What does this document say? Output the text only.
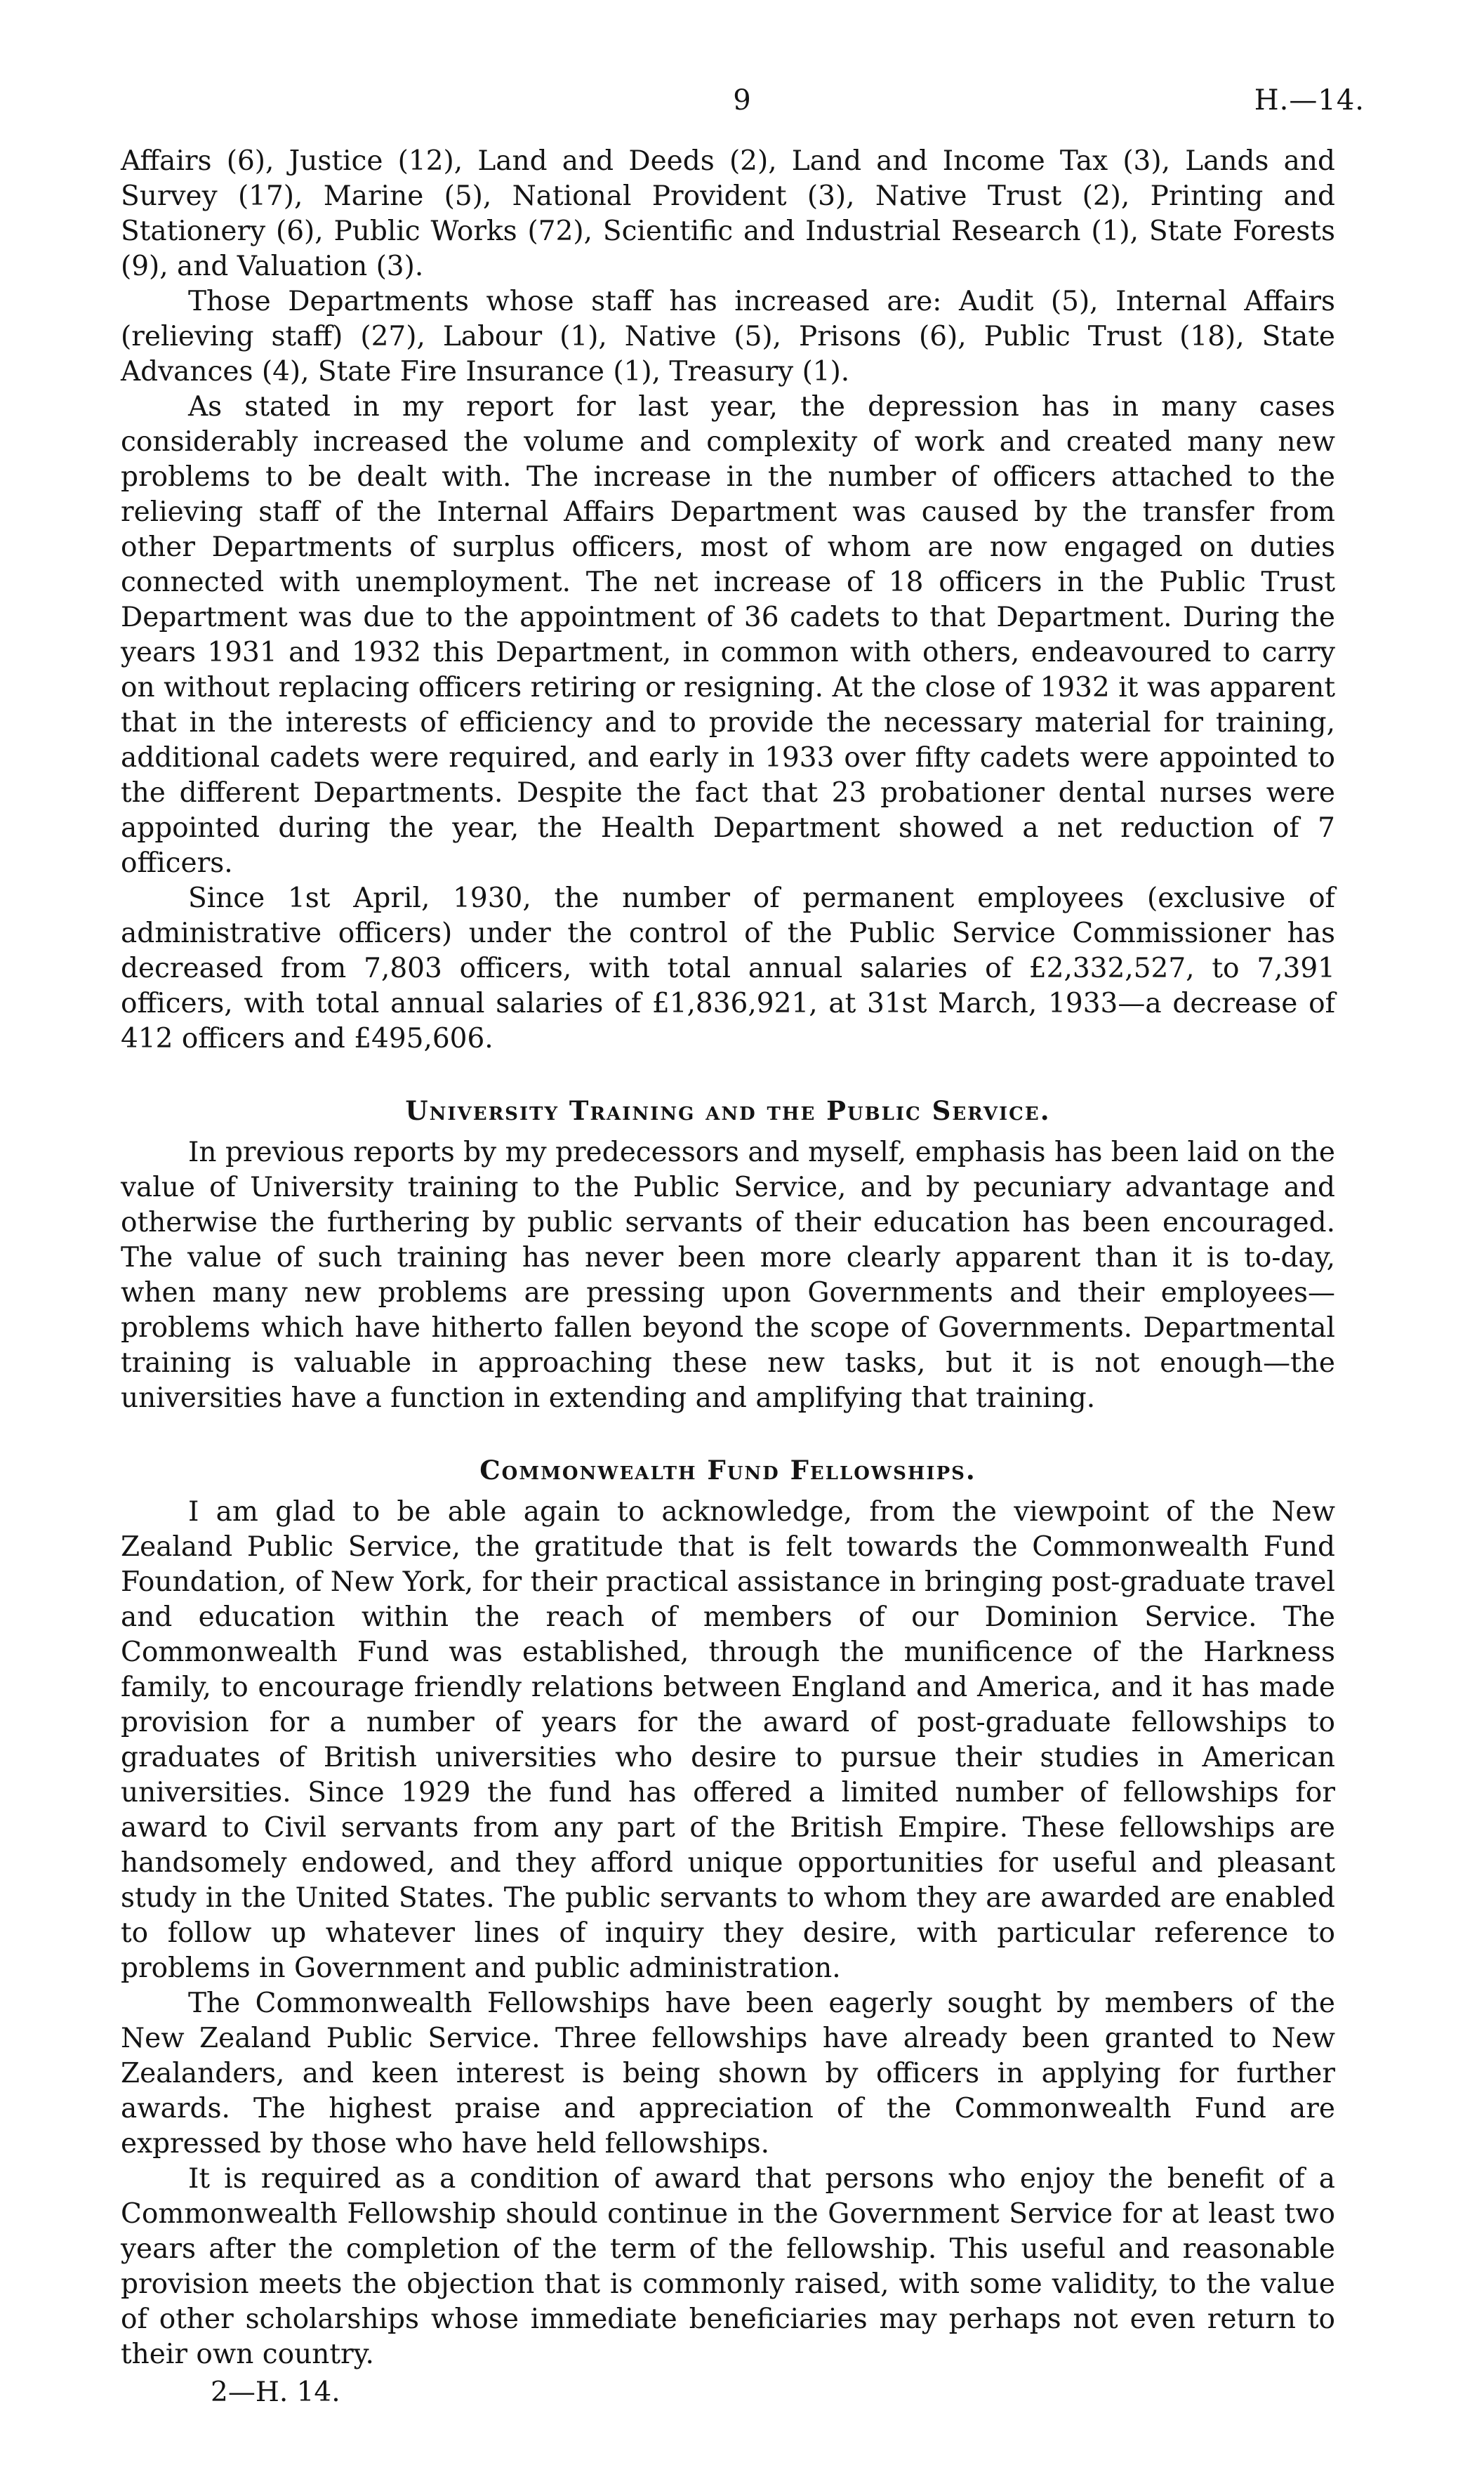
9	H.—14.

Affairs (6), Justice (12), Land and Deeds (2), Land and Income Tax (3), Lands and Survey (17), Marine (5), National Provident (3), Native Trust (2), Printing and Stationery (6), Public Works (72), Scientific and Industrial Research (1), State Forests (9), and Valuation (3).

Those Departments whose staff has increased are: Audit (5), Internal Affairs (relieving staff) (27), Labour (1), Native (5), Prisons (6), Public Trust (18), State Advances (4), State Fire Insurance (1), Treasury (1).

As stated in my report for last year, the depression has in many cases considerably increased the volume and complexity of work and created many new problems to be dealt with. The increase in the number of officers attached to the relieving staff of the Internal Affairs Department was caused by the transfer from other Departments of surplus officers, most of whom are now engaged on duties connected with unemployment. The net increase of 18 officers in the Public Trust Department was due to the appointment of 36 cadets to that Department. During the years 1931 and 1932 this Department, in common with others, endeavoured to carry on without replacing officers retiring or resigning. At the close of 1932 it was apparent that in the interests of efficiency and to provide the necessary material for training, additional cadets were required, and early in 1933 over fifty cadets were appointed to the different Departments. Despite the fact that 23 probationer dental nurses were appointed during the year, the Health Department showed a net reduction of 7 officers.

Since 1st April, 1930, the number of permanent employees (exclusive of administrative officers) under the control of the Public Service Commissioner has decreased from 7,803 officers, with total annual salaries of £2,332,527, to 7,391 officers, with total annual salaries of £1,836,921, at 31st March, 1933—a decrease of 412 officers and £495,606.

University Training and the Public Service.

In previous reports by my predecessors and myself, emphasis has been laid on the value of University training to the Public Service, and by pecuniary advantage and otherwise the furthering by public servants of their education has been encouraged. The value of such training has never been more clearly apparent than it is to-day, when many new problems are pressing upon Governments and their employees—problems which have hitherto fallen beyond the scope of Governments. Departmental training is valuable in approaching these new tasks, but it is not enough—the universities have a function in extending and amplifying that training.

Commonwealth Fund Fellowships.

I am glad to be able again to acknowledge, from the viewpoint of the New Zealand Public Service, the gratitude that is felt towards the Commonwealth Fund Foundation, of New York, for their practical assistance in bringing post-graduate travel and education within the reach of members of our Dominion Service. The Commonwealth Fund was established, through the munificence of the Harkness family, to encourage friendly relations between England and America, and it has made provision for a number of years for the award of post-graduate fellowships to graduates of British universities who desire to pursue their studies in American universities. Since 1929 the fund has offered a limited number of fellowships for award to Civil servants from any part of the British Empire. These fellowships are handsomely endowed, and they afford unique opportunities for useful and pleasant study in the United States. The public servants to whom they are awarded are enabled to follow up whatever lines of inquiry they desire, with particular reference to problems in Government and public administration.

The Commonwealth Fellowships have been eagerly sought by members of the New Zealand Public Service. Three fellowships have already been granted to New Zealanders, and keen interest is being shown by officers in applying for further awards. The highest praise and appreciation of the Commonwealth Fund are expressed by those who have held fellowships.

It is required as a condition of award that persons who enjoy the benefit of a Commonwealth Fellowship should continue in the Government Service for at least two years after the completion of the term of the fellowship. This useful and reasonable provision meets the objection that is commonly raised, with some validity, to the value of other scholarships whose immediate beneficiaries may perhaps not even return to their own country.

2—H. 14.
